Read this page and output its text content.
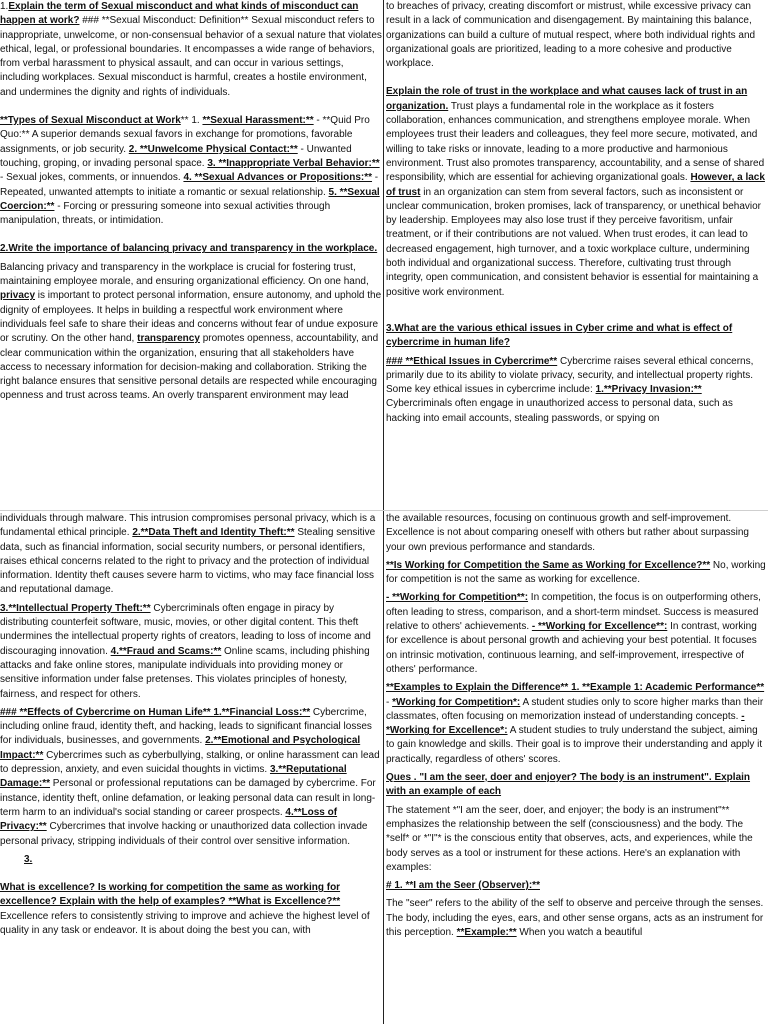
1.Explain the term of Sexual misconduct and what kinds of misconduct can happen at work? ### **Sexual Misconduct: Definition** Sexual misconduct refers to inappropriate, unwelcome, or non-consensual behavior of a sexual nature that violates ethical, legal, or professional boundaries. It encompasses a wide range of behaviors, from verbal harassment to physical assault, and can occur in various settings, including workplaces. Sexual misconduct is harmful, creates a hostile environment, and undermines the dignity and rights of individuals.

**Types of Sexual Misconduct at Work** 1. **Sexual Harassment:** - **Quid Pro Quo:** A superior demands sexual favors in exchange for promotions, favorable assignments, or job security. 2. **Unwelcome Physical Contact:** - Unwanted touching, groping, or invading personal space. 3. **Inappropriate Verbal Behavior:** - Sexual jokes, comments, or innuendos. 4. **Sexual Advances or Propositions:** - Repeated, unwanted attempts to initiate a romantic or sexual relationship. 5. **Sexual Coercion:** - Forcing or pressuring someone into sexual activities through manipulation, threats, or intimidation.

2.Write the importance of balancing privacy and transparency in the workplace.

Balancing privacy and transparency in the workplace is crucial for fostering trust, maintaining employee morale, and ensuring organizational efficiency. On one hand, privacy is important to protect personal information, ensure autonomy, and uphold the dignity of employees. It helps in building a respectful work environment where individuals feel safe to share their ideas and concerns without fear of undue exposure or scrutiny. On the other hand, transparency promotes openness, accountability, and clear communication within the organization, ensuring that all stakeholders have access to necessary information for decision-making and collaboration. Striking the right balance ensures that sensitive personal details are respected while encouraging openness and trust across teams. An overly transparent environment may lead

to breaches of privacy, creating discomfort or mistrust, while excessive privacy can result in a lack of communication and disengagement. By maintaining this balance, organizations can build a culture of mutual respect, where both individual rights and organizational goals are prioritized, leading to a more cohesive and productive workplace.

Explain the role of trust in the workplace and what causes lack of trust in an organization. Trust plays a fundamental role in the workplace as it fosters collaboration, enhances communication, and strengthens employee morale. When employees trust their leaders and colleagues, they feel more secure, motivated, and willing to take risks or innovate, leading to a more productive and harmonious environment. Trust also promotes transparency, accountability, and a sense of shared responsibility, which are essential for achieving organizational goals. However, a lack of trust in an organization can stem from several factors, such as inconsistent or unclear communication, broken promises, lack of transparency, or unethical behavior by leadership. Employees may also lose trust if they perceive favoritism, unfair treatment, or if their contributions are not valued. When trust erodes, it can lead to decreased engagement, high turnover, and a toxic workplace culture, undermining both individual and organizational success. Therefore, cultivating trust through integrity, open communication, and consistent behavior is essential for maintaining a positive work environment.

3.What are the various ethical issues in Cyber crime and what is effect of cybercrime in human life?

### **Ethical Issues in Cybercrime** Cybercrime raises several ethical concerns, primarily due to its ability to violate privacy, security, and intellectual property rights. Some key ethical issues in cybercrime include: 1.**Privacy Invasion:** Cybercriminals often engage in unauthorized access to personal data, such as hacking into email accounts, stealing passwords, or spying on

individuals through malware. This intrusion compromises personal privacy, which is a fundamental ethical principle. 2.**Data Theft and Identity Theft:** Stealing sensitive data, such as financial information, social security numbers, or personal identifiers, raises ethical concerns related to the right to privacy and the protection of individual information. Identity theft causes severe harm to victims, who may face financial loss and reputational damage.

3.**Intellectual Property Theft:** Cybercriminals often engage in piracy by distributing counterfeit software, music, movies, or other digital content. This theft undermines the intellectual property rights of creators, leading to loss of income and discouraging innovation. 4.**Fraud and Scams:** Online scams, including phishing attacks and fake online stores, manipulate individuals into providing money or sensitive information under false pretenses. This violates principles of honesty, fairness, and respect for others.

### **Effects of Cybercrime on Human Life** 1.**Financial Loss:** Cybercrime, including online fraud, identity theft, and hacking, leads to significant financial losses for individuals, businesses, and governments. 2.**Emotional and Psychological Impact:** Cybercrimes such as cyberbullying, stalking, or online harassment can lead to depression, anxiety, and even suicidal thoughts in victims. 3.**Reputational Damage:** Personal or professional reputations can be damaged by cybercrime. For instance, identity theft, online defamation, or leaking personal data can result in long-term harm to an individual's social standing or career prospects. 4.**Loss of Privacy:** Cybercrimes that involve hacking or unauthorized data collection invade personal privacy, stripping individuals of their control over sensitive information.

3.

What is excellence? Is working for competition the same as working for excellence? Explain with the help of examples? **What is Excellence?** Excellence refers to consistently striving to improve and achieve the highest level of quality in any task or endeavor. It is about doing the best you can, with

the available resources, focusing on continuous growth and self-improvement. Excellence is not about comparing oneself with others but rather about surpassing your own previous performance and standards.

**Is Working for Competition the Same as Working for Excellence?** No, working for competition is not the same as working for excellence.

- **Working for Competition**: In competition, the focus is on outperforming others, often leading to stress, comparison, and a short-term mindset. Success is measured relative to others' achievements. - **Working for Excellence**: In contrast, working for excellence is about personal growth and achieving your best potential. It focuses on intrinsic motivation, continuous learning, and self-improvement, irrespective of others' performance.

**Examples to Explain the Difference** 1. **Example 1: Academic Performance** - *Working for Competition*: A student studies only to score higher marks than their classmates, often focusing on memorization instead of understanding concepts. - *Working for Excellence*: A student studies to truly understand the subject, aiming to gain knowledge and skills. Their goal is to improve their understanding and apply it practically, regardless of others' scores.

Ques . "I am the seer, doer and enjoyer? The body is an instrument". Explain with an example of each

The statement *"I am the seer, doer, and enjoyer; the body is an instrument"** emphasizes the relationship between the self (consciousness) and the body. The *self* or *"I"* is the conscious entity that observes, acts, and experiences, while the body serves as a tool or instrument for these actions. Here's an explanation with examples:

# 1. **I am the Seer (Observer):**

The "seer" refers to the ability of the self to observe and perceive through the senses. The body, including the eyes, ears, and other sense organs, acts as an instrument for this perception. **Example:** When you watch a beautiful
